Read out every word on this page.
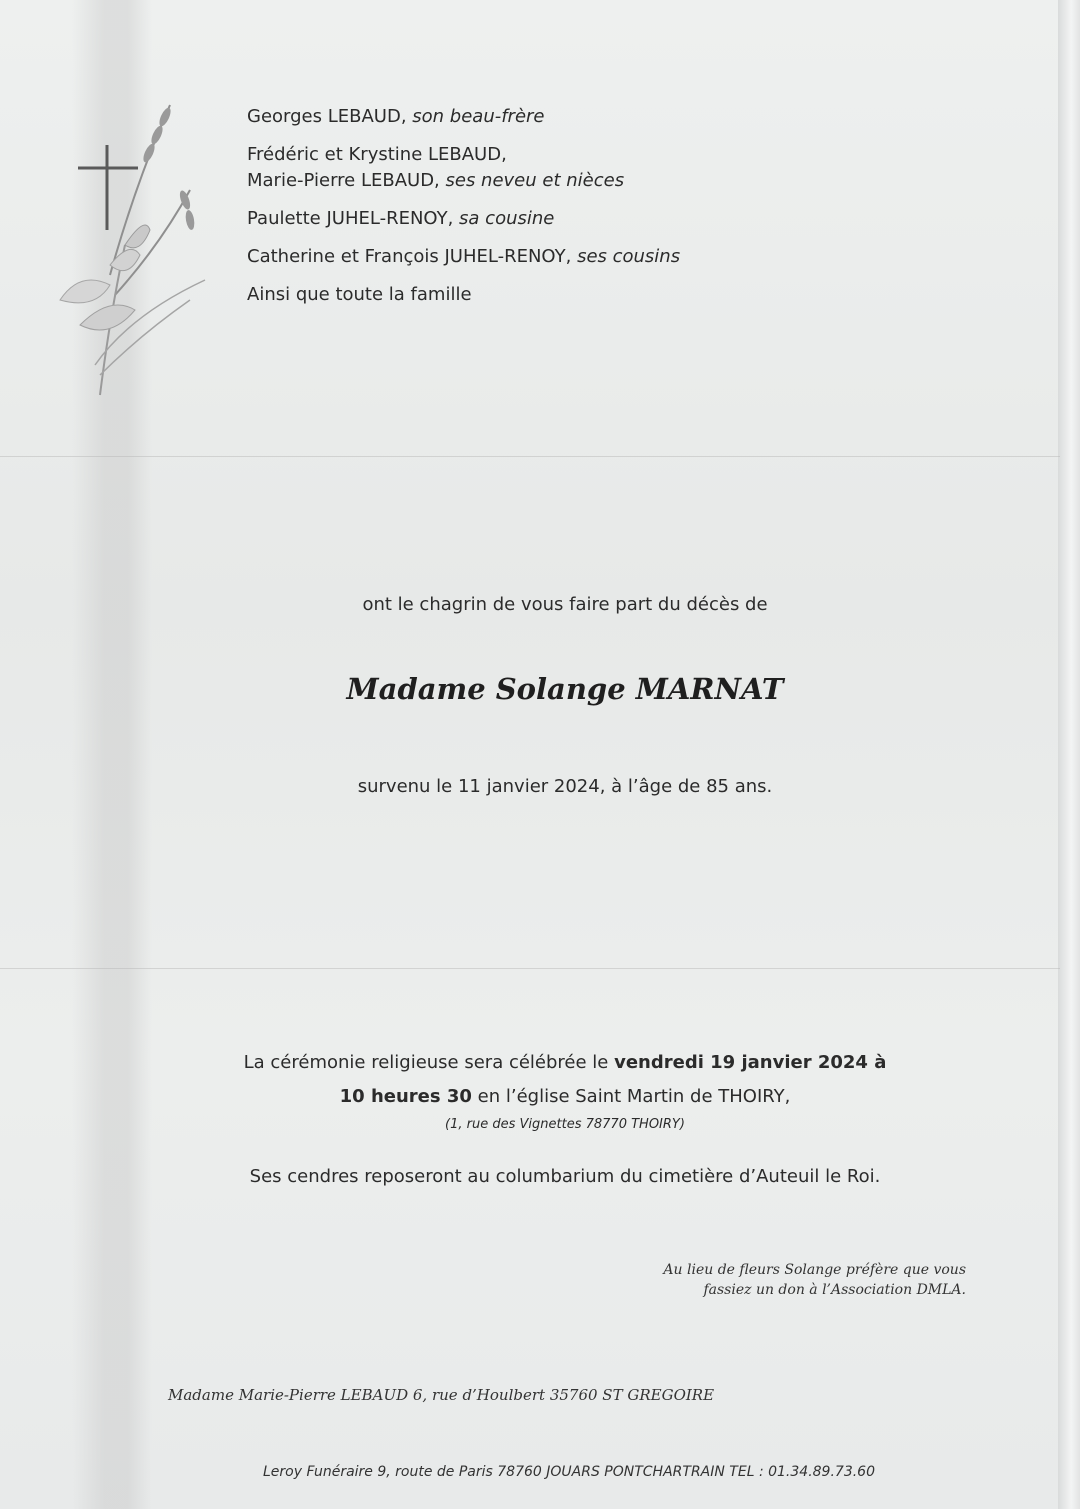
Georges LEBAUD, son beau-frère
Frédéric et Krystine LEBAUD,
Marie-Pierre LEBAUD, ses neveu et nièces
Paulette JUHEL-RENOY, sa cousine
Catherine et François JUHEL-RENOY, ses cousins
Ainsi que toute la famille
ont le chagrin de vous faire part du décès de
Madame Solange MARNAT
survenu le 11 janvier 2024, à l’âge de 85 ans.
La cérémonie religieuse sera célébrée le vendredi 19 janvier 2024 à
10 heures 30 en l’église Saint Martin de THOIRY,
(1, rue des Vignettes 78770 THOIRY)
Ses cendres reposeront au columbarium du cimetière d’Auteuil le Roi.
Au lieu de fleurs Solange préfère que vous
fassiez un don à l’Association DMLA.
Madame Marie-Pierre LEBAUD 6, rue d’Houlbert 35760 ST GREGOIRE
Leroy Funéraire 9, route de Paris 78760 JOUARS PONTCHARTRAIN TEL : 01.34.89.73.60
